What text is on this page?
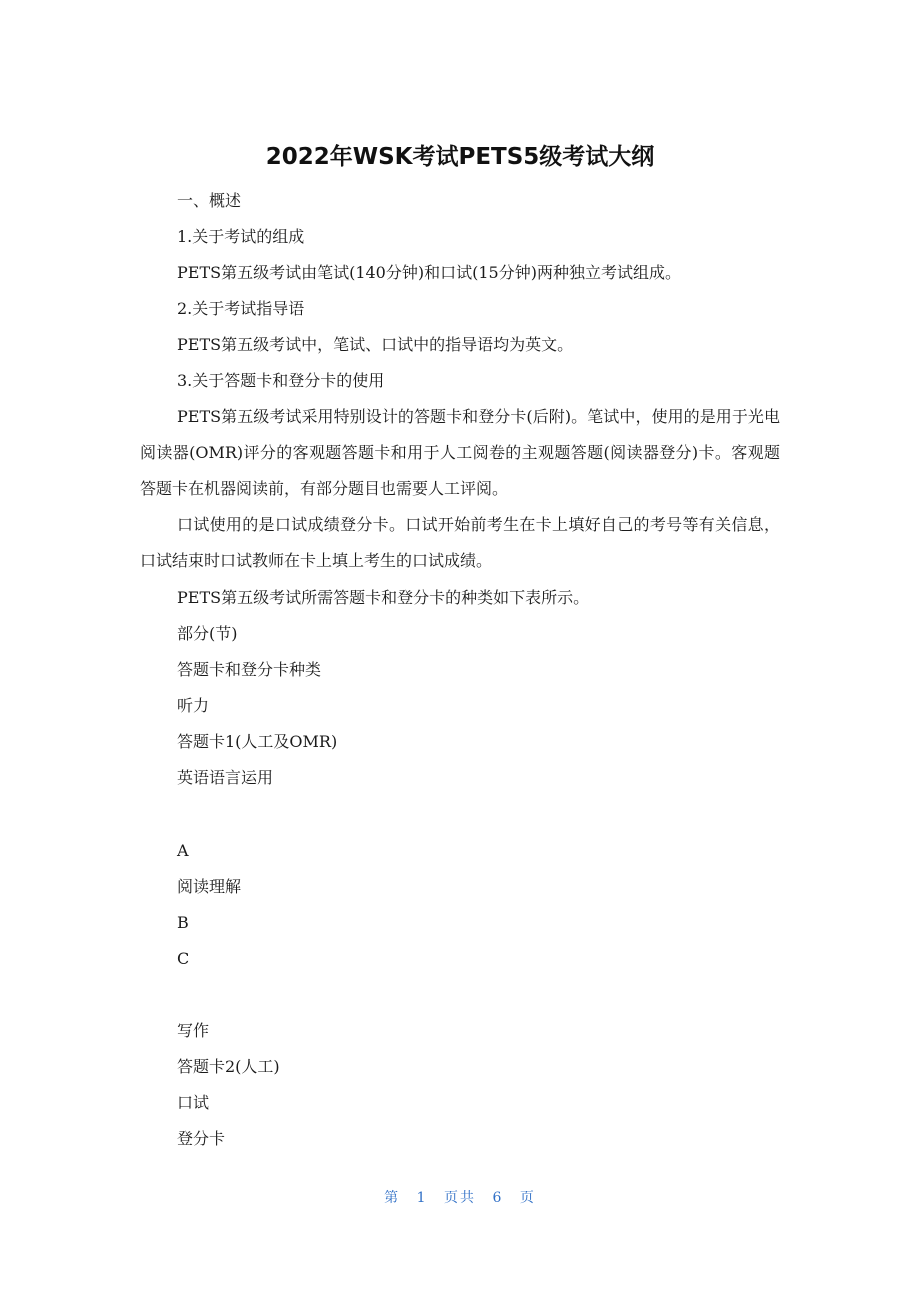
2022年WSK考试PETS5级考试大纲
一、概述
1.关于考试的组成
PETS第五级考试由笔试(140分钟)和口试(15分钟)两种独立考试组成。
2.关于考试指导语
PETS第五级考试中，笔试、口试中的指导语均为英文。
3.关于答题卡和登分卡的使用
PETS第五级考试采用特别设计的答题卡和登分卡(后附)。笔试中，使用的是用于光电阅读器(OMR)评分的客观题答题卡和用于人工阅卷的主观题答题(阅读器登分)卡。客观题答题卡在机器阅读前，有部分题目也需要人工评阅。
口试使用的是口试成绩登分卡。口试开始前考生在卡上填好自己的考号等有关信息，口试结束时口试教师在卡上填上考生的口试成绩。
PETS第五级考试所需答题卡和登分卡的种类如下表所示。
部分(节)
答题卡和登分卡种类
听力
答题卡1(人工及OMR)
英语语言运用
A
阅读理解
B
C
写作
答题卡2(人工)
口试
登分卡
第 1 页共 6 页
